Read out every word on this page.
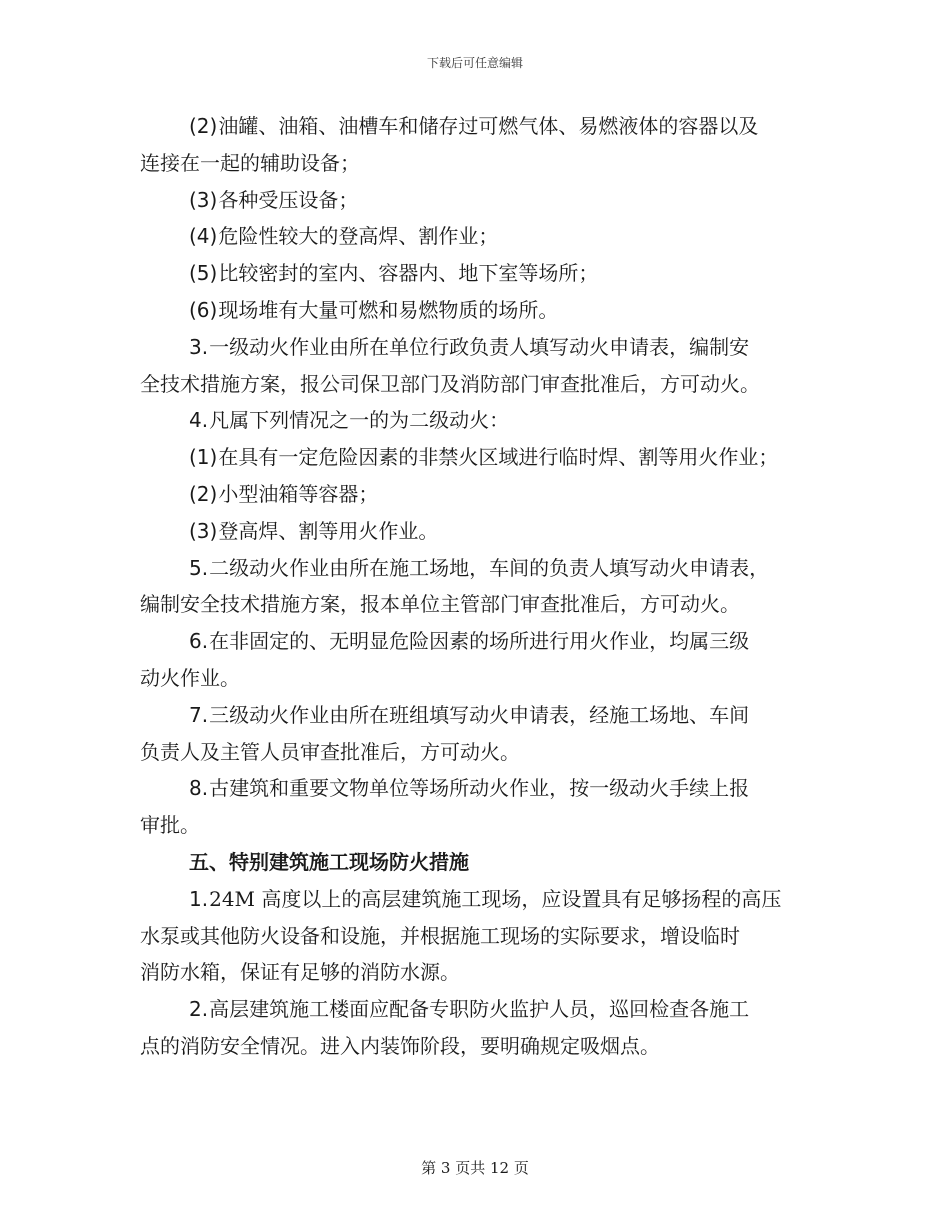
下载后可任意编辑

(2)油罐、油箱、油槽车和储存过可燃气体、易燃液体的容器以及

连接在一起的辅助设备；

(3)各种受压设备；

(4)危险性较大的登高焊、割作业；

(5)比较密封的室内、容器内、地下室等场所；

(6)现场堆有大量可燃和易燃物质的场所。

3.一级动火作业由所在单位行政负责人填写动火申请表，编制安

全技术措施方案，报公司保卫部门及消防部门审查批准后，方可动火。

4.凡属下列情况之一的为二级动火：

(1)在具有一定危险因素的非禁火区域进行临时焊、割等用火作业；

(2)小型油箱等容器；

(3)登高焊、割等用火作业。

5.二级动火作业由所在施工场地，车间的负责人填写动火申请表，

编制安全技术措施方案，报本单位主管部门审查批准后，方可动火。

6.在非固定的、无明显危险因素的场所进行用火作业，均属三级

动火作业。

7.三级动火作业由所在班组填写动火申请表，经施工场地、车间

负责人及主管人员审查批准后，方可动火。

8.古建筑和重要文物单位等场所动火作业，按一级动火手续上报

审批。

五、特别建筑施工现场防火措施

1.24M 高度以上的高层建筑施工现场，应设置具有足够扬程的高压

水泵或其他防火设备和设施，并根据施工现场的实际要求，增设临时

消防水箱，保证有足够的消防水源。

2.高层建筑施工楼面应配备专职防火监护人员，巡回检查各施工

点的消防安全情况。进入内装饰阶段，要明确规定吸烟点。

第 3 页共 12 页
